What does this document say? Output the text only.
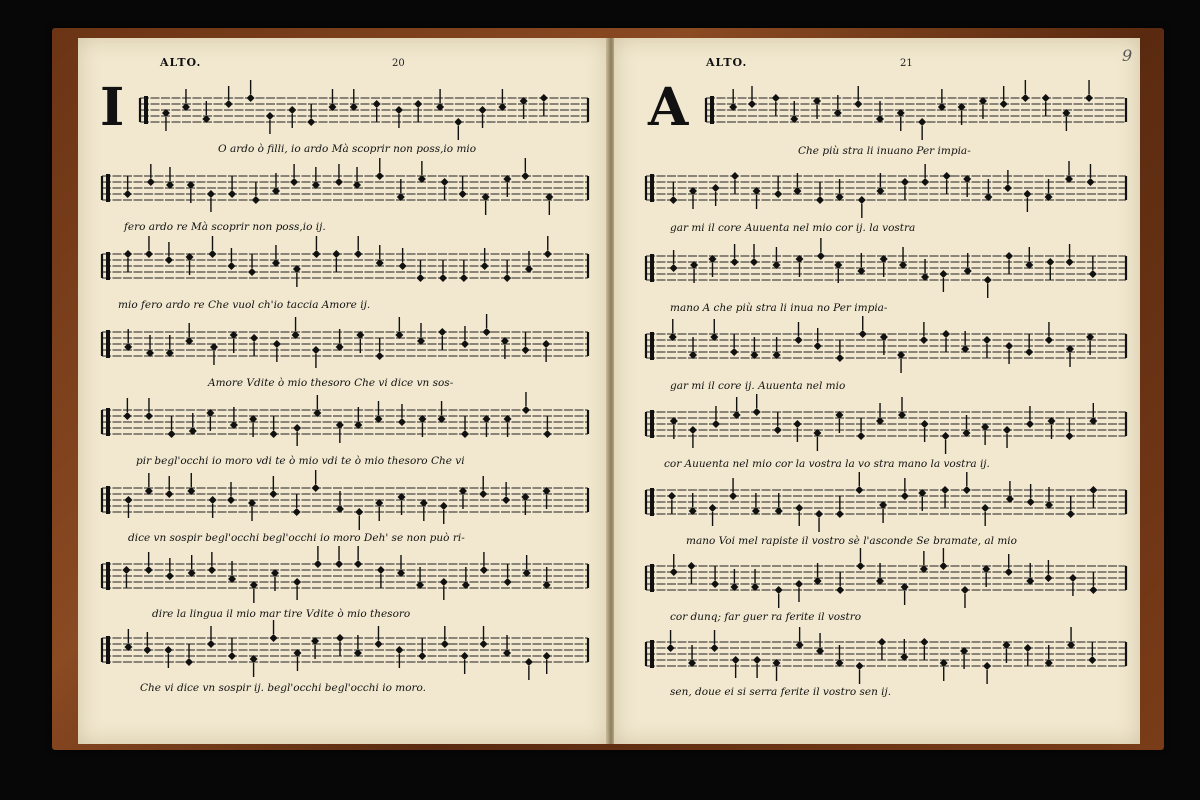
ALTO.	20
I
O ardo ò filli, io ardo Mà scoprir non poss,io mio
fero ardo re Mà scoprir non poss,io ij.
mio fero ardo re Che vuol ch'io taccia Amore ij.
Amore Vdite ò mio thesoro Che vi dice vn sos-
pir begl'occhi io moro vdi te ò mio vdi te ò mio thesoro Che vi
dice vn sospir begl'occhi begl'occhi io moro Deh' se non può ri-
dire la lingua il mio mar tire Vdite ò mio thesoro
Che vi dice vn sospir ij. begl'occhi begl'occhi io moro.
ALTO.	21	9
A
Che più stra li inuano Per impia-
gar mi il core Auuenta nel mio cor ij. la vostra
mano A che più stra li inua no Per impia-
gar mi il core ij. Auuenta nel mio
cor Auuenta nel mio cor la vostra la vo stra mano la vostra ij.
mano Voi mel rapiste il vostro sè l'asconde Se bramate, al mio
cor dunq; far guer ra ferite il vostro
sen, doue ei si serra ferite il vostro sen ij.
